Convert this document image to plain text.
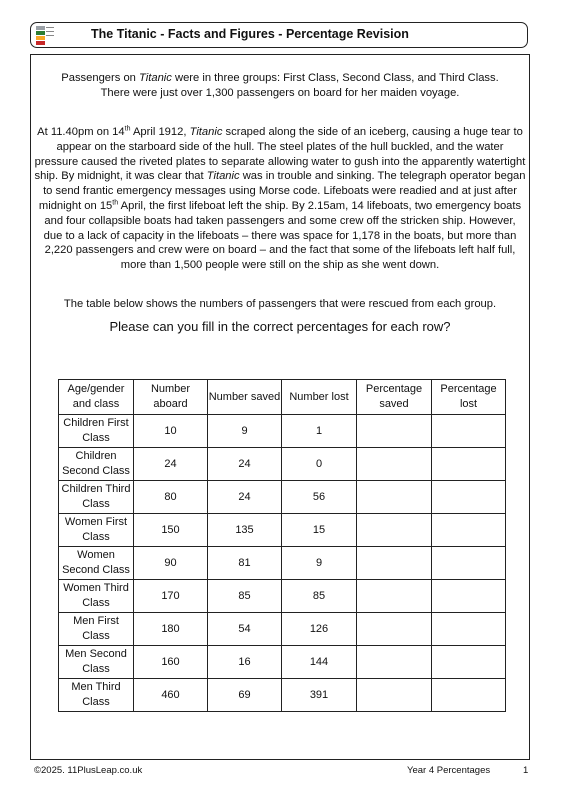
The Titanic - Facts and Figures - Percentage Revision
Passengers on Titanic were in three groups: First Class, Second Class, and Third Class.
There were just over 1,300 passengers on board for her maiden voyage.
At 11.40pm on 14th April 1912, Titanic scraped along the side of an iceberg, causing a huge tear to appear on the starboard side of the hull. The steel plates of the hull buckled, and the water pressure caused the riveted plates to separate allowing water to gush into the apparently watertight ship. By midnight, it was clear that Titanic was in trouble and sinking. The telegraph operator began to send frantic emergency messages using Morse code. Lifeboats were readied and at just after midnight on 15th April, the first lifeboat left the ship. By 2.15am, 14 lifeboats, two emergency boats and four collapsible boats had taken passengers and some crew off the stricken ship. However, due to a lack of capacity in the lifeboats – there was space for 1,178 in the boats, but more than 2,220 passengers and crew were on board – and the fact that some of the lifeboats left half full, more than 1,500 people were still on the ship as she went down.
The table below shows the numbers of passengers that were rescued from each group.
Please can you fill in the correct percentages for each row?
Age/gender and class	Number aboard	Number saved	Number lost	Percentage saved	Percentage lost
Children First Class	10	9	1		
Children Second Class	24	24	0		
Children Third Class	80	24	56		
Women First Class	150	135	15		
Women Second Class	90	81	9		
Women Third Class	170	85	85		
Men First Class	180	54	126		
Men Second Class	160	16	144		
Men Third Class	460	69	391		
©2025. 11PlusLeap.co.uk	Year 4 Percentages	1
